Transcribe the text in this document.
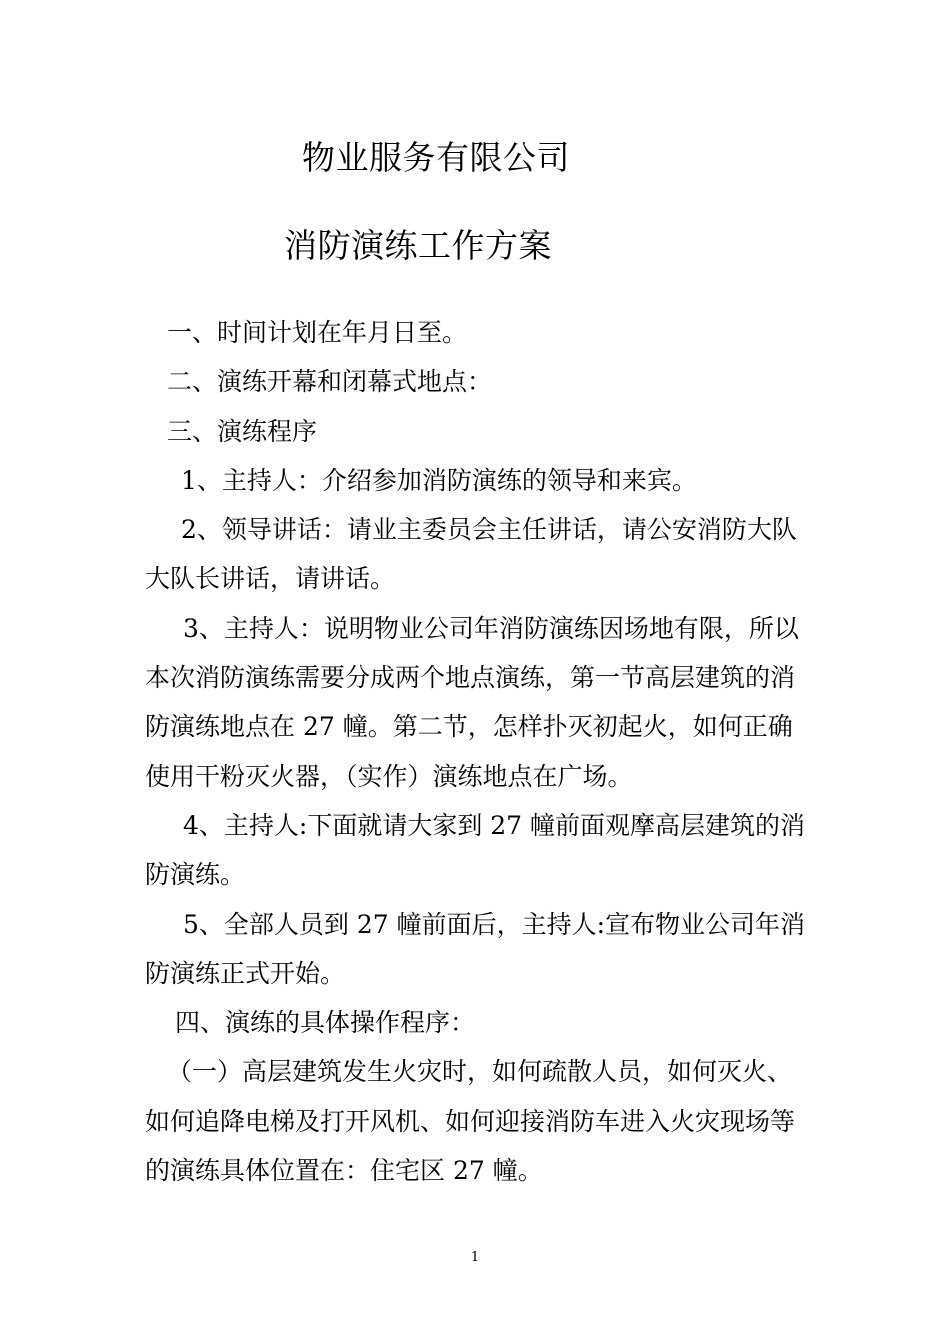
物业服务有限公司
消防演练工作方案

一、时间计划在年月日至。

二、演练开幕和闭幕式地点：

三、演练程序

1、主持人：介绍参加消防演练的领导和来宾。

2、领导讲话：请业主委员会主任讲话，请公安消防大队

大队长讲话，请讲话。

3、主持人：说明物业公司年消防演练因场地有限，所以

本次消防演练需要分成两个地点演练，第一节高层建筑的消

防演练地点在 27 幢。第二节，怎样扑灭初起火，如何正确

使用干粉灭火器，（实作）演练地点在广场。

4、主持人:下面就请大家到 27 幢前面观摩高层建筑的消

防演练。

5、全部人员到 27 幢前面后，主持人:宣布物业公司年消

防演练正式开始。

四、演练的具体操作程序：

（一）高层建筑发生火灾时，如何疏散人员，如何灭火、

如何追降电梯及打开风机、如何迎接消防车进入火灾现场等

的演练具体位置在：住宅区 27 幢。

1
